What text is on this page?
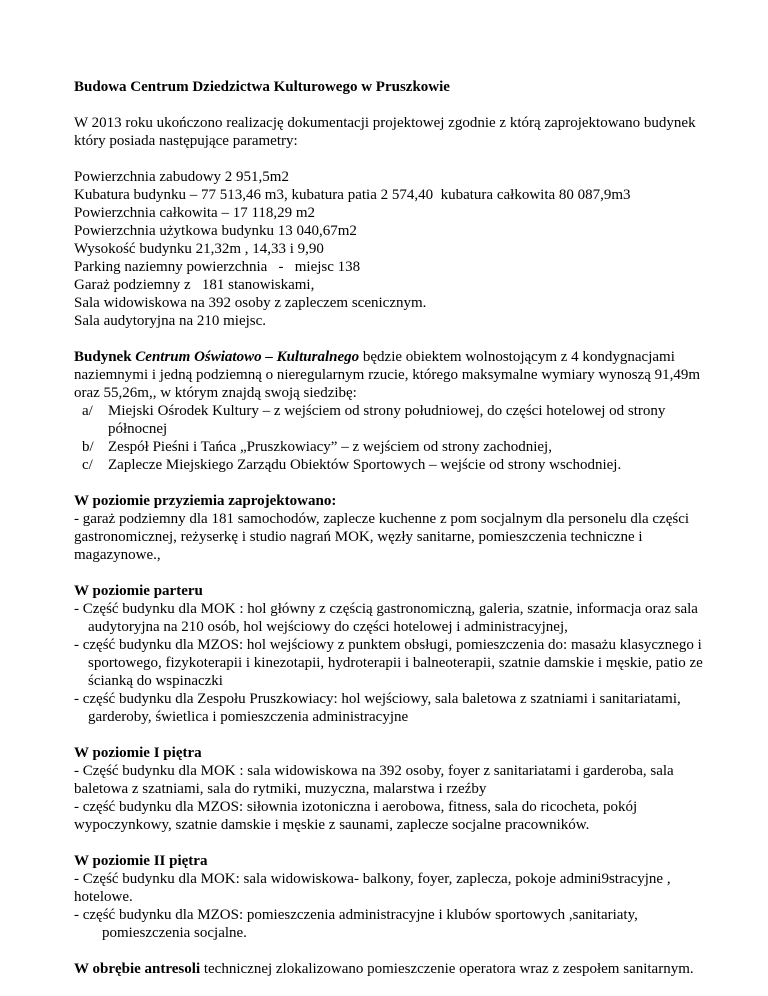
Budowa Centrum Dziedzictwa Kulturowego w Pruszkowie

W 2013 roku ukończono realizację dokumentacji projektowej zgodnie z którą zaprojektowano budynek który posiada następujące parametry:

Powierzchnia zabudowy 2 951,5m2

Kubatura budynku – 77 513,46 m3, kubatura patia 2 574,40  kubatura całkowita 80 087,9m3

Powierzchnia całkowita – 17 118,29 m2

Powierzchnia użytkowa budynku 13 040,67m2

Wysokość budynku 21,32m , 14,33 i 9,90

Parking naziemny powierzchnia   -   miejsc 138

Garaż podziemny z   181 stanowiskami,

Sala widowiskowa na 392 osoby z zapleczem scenicznym.

Sala audytoryjna na 210 miejsc.

Budynek Centrum Oświatowo – Kulturalnego będzie obiektem wolnostojącym z 4 kondygnacjami naziemnymi i jedną podziemną o nieregularnym rzucie, którego maksymalne wymiary wynoszą 91,49m oraz 55,26m,, w którym znajdą swoją siedzibę:

a/	Miejski Ośrodek Kultury – z wejściem od strony południowej, do części hotelowej od strony północnej
b/ Zespół Pieśni i Tańca „Pruszkowiacy” – z wejściem od strony zachodniej,
c/	Zaplecze Miejskiego Zarządu Obiektów Sportowych – wejście od strony wschodniej.

W poziomie przyziemia zaprojektowano:

- garaż podziemny dla 181 samochodów, zaplecze kuchenne z pom socjalnym dla personelu dla części gastronomicznej, reżyserkę i studio nagrań MOK, węzły sanitarne, pomieszczenia techniczne i magazynowe.,

W poziomie parteru

- Część budynku dla MOK : hol główny z częścią gastronomiczną, galeria, szatnie, informacja oraz sala audytoryjna na 210 osób, hol wejściowy do części hotelowej i administracyjnej,

- część budynku dla MZOS: hol wejściowy z punktem obsługi, pomieszczenia do: masażu klasycznego i sportowego, fizykoterapii i kinezotapii, hydroterapii i balneoterapii, szatnie damskie i męskie, patio ze ścianką do wspinaczki

- część budynku dla Zespołu Pruszkowiacy: hol wejściowy, sala baletowa z szatniami i sanitariatami, garderoby, świetlica i pomieszczenia administracyjne

W poziomie I piętra

- Część budynku dla MOK : sala widowiskowa na 392 osoby, foyer z sanitariatami i garderoba, sala baletowa z szatniami, sala do rytmiki, muzyczna, malarstwa i rzeźby

- część budynku dla MZOS: siłownia izotoniczna i aerobowa, fitness, sala do ricocheta, pokój wypoczynkowy, szatnie damskie i męskie z saunami, zaplecze socjalne pracowników.

W poziomie II piętra

- Część budynku dla MOK: sala widowiskowa- balkony, foyer, zaplecza, pokoje admini9stracyjne , hotelowe.

- część budynku dla MZOS: pomieszczenia administracyjne i klubów sportowych ,sanitariaty, pomieszczenia socjalne.

W obrębie antresoli technicznej zlokalizowano pomieszczenie operatora wraz z zespołem sanitarnym.
